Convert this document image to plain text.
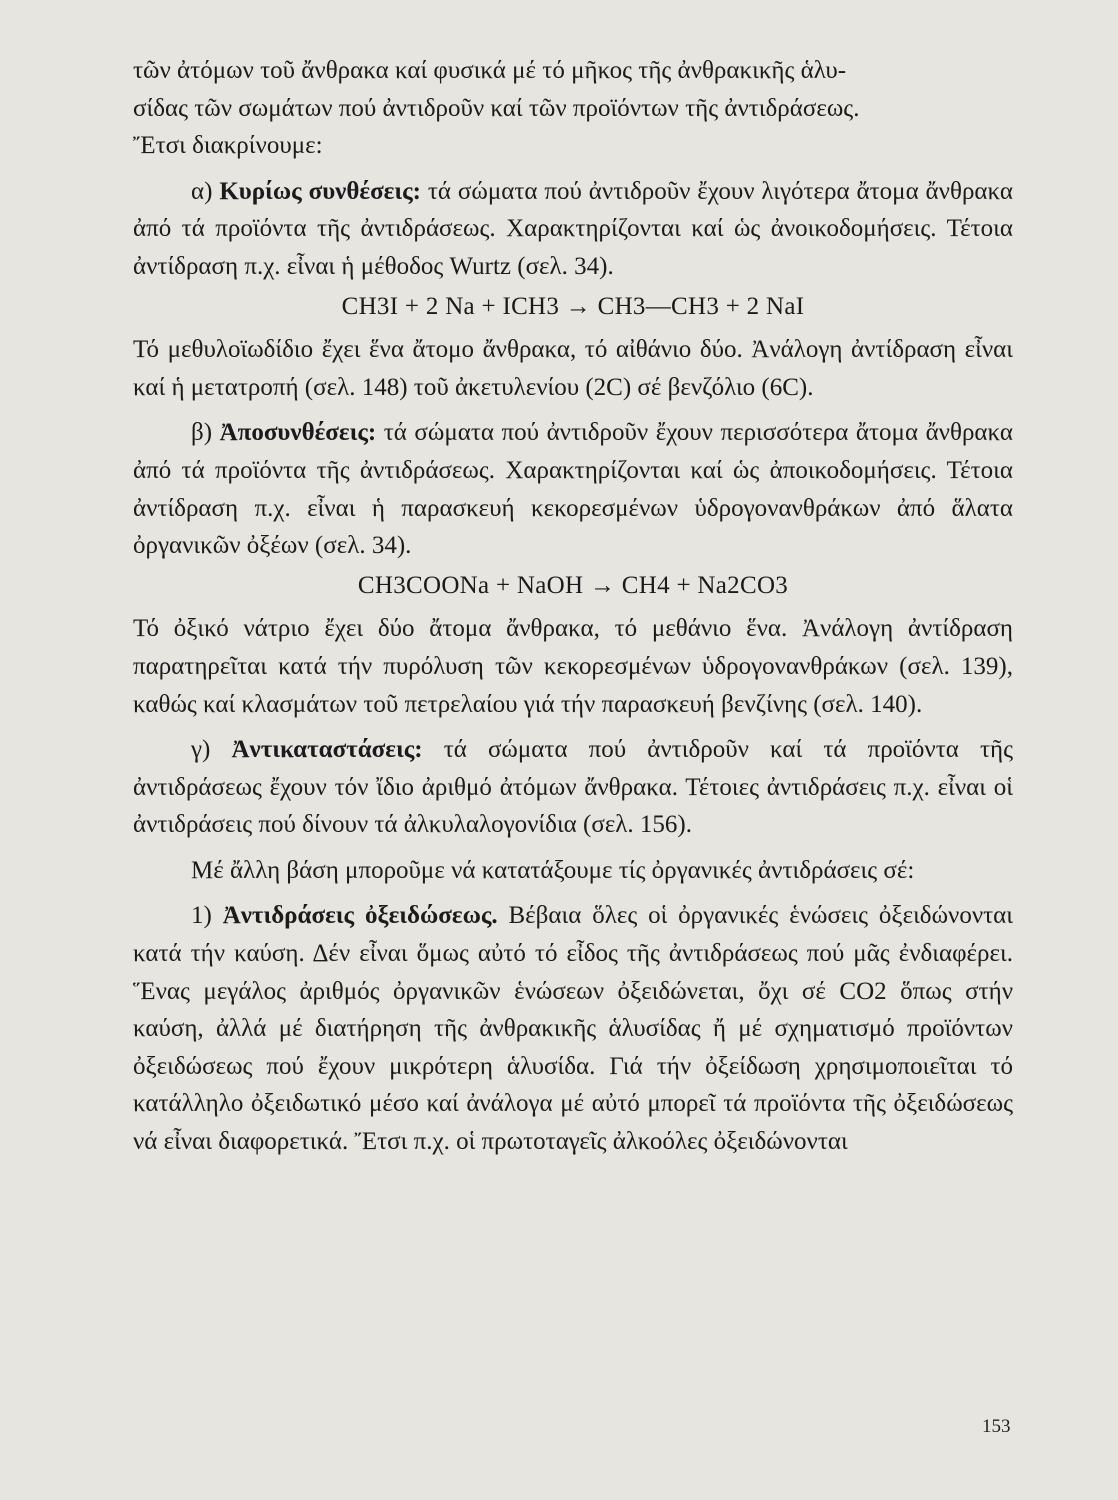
τῶν ἀτόμων τοῦ ἄνθρακα καί φυσικά μέ τό μῆκος τῆς ἀνθρακικῆς ἁλυ-

σίδας τῶν σωμάτων πού ἀντιδροῦν καί τῶν προϊόντων τῆς ἀντιδράσεως.

Ἔτσι διακρίνουμε:

α) Κυρίως συνθέσεις: τά σώματα πού ἀντιδροῦν ἔχουν λιγότερα ἄτομα ἄνθρακα ἀπό τά προϊόντα τῆς ἀντιδράσεως. Χαρακτηρίζονται καί ὡς ἀνοικοδομήσεις. Τέτοια ἀντίδραση π.χ. εἶναι ἡ μέθοδος Wurtz (σελ. 34).

CH3I + 2 Na + ICH3 → CH3—CH3 + 2 NaI

Τό μεθυλοϊωδίδιο ἔχει ἕνα ἄτομο ἄνθρακα, τό αἰθάνιο δύο. Ἀνάλογη ἀντίδραση εἶναι καί ἡ μετατροπή (σελ. 148) τοῦ ἀκετυλενίου (2C) σέ βενζόλιο (6C).

β) Ἀποσυνθέσεις: τά σώματα πού ἀντιδροῦν ἔχουν περισσότερα ἄτομα ἄνθρακα ἀπό τά προϊόντα τῆς ἀντιδράσεως. Χαρακτηρίζονται καί ὡς ἀποικοδομήσεις. Τέτοια ἀντίδραση π.χ. εἶναι ἡ παρασκευή κεκορεσμένων ὑδρογονανθράκων ἀπό ἅλατα ὀργανικῶν ὀξέων (σελ. 34).

CH3COONa + NaOH → CH4 + Na2CO3

Τό ὀξικό νάτριο ἔχει δύο ἄτομα ἄνθρακα, τό μεθάνιο ἕνα. Ἀνάλογη ἀντίδραση παρατηρεῖται κατά τήν πυρόλυση τῶν κεκορεσμένων ὑδρογονανθράκων (σελ. 139), καθώς καί κλασμάτων τοῦ πετρελαίου γιά τήν παρασκευή βενζίνης (σελ. 140).

γ) Ἀντικαταστάσεις: τά σώματα πού ἀντιδροῦν καί τά προϊόντα τῆς ἀντιδράσεως ἔχουν τόν ἴδιο ἀριθμό ἀτόμων ἄνθρακα. Τέτοιες ἀντιδράσεις π.χ. εἶναι οἱ ἀντιδράσεις πού δίνουν τά ἀλκυλαλογονίδια (σελ. 156).

Μέ ἄλλη βάση μποροῦμε νά κατατάξουμε τίς ὀργανικές ἀντιδράσεις σέ:

1) Ἀντιδράσεις ὀξειδώσεως. Βέβαια ὅλες οἱ ὀργανικές ἑνώσεις ὀξειδώνονται κατά τήν καύση. Δέν εἶναι ὅμως αὐτό τό εἶδος τῆς ἀντιδράσεως πού μᾶς ἐνδιαφέρει. Ἕνας μεγάλος ἀριθμός ὀργανικῶν ἑνώσεων ὀξειδώνεται, ὄχι σέ CO2 ὅπως στήν καύση, ἀλλά μέ διατήρηση τῆς ἀνθρακικῆς ἁλυσίδας ἤ μέ σχηματισμό προϊόντων ὀξειδώσεως πού ἔχουν μικρότερη ἁλυσίδα. Γιά τήν ὀξείδωση χρησιμοποιεῖται τό κατάλληλο ὀξειδωτικό μέσο καί ἀνάλογα μέ αὐτό μπορεῖ τά προϊόντα τῆς ὀξειδώσεως νά εἶναι διαφορετικά. Ἔτσι π.χ. οἱ πρωτοταγεῖς ἀλκοόλες ὀξειδώνονται

153
